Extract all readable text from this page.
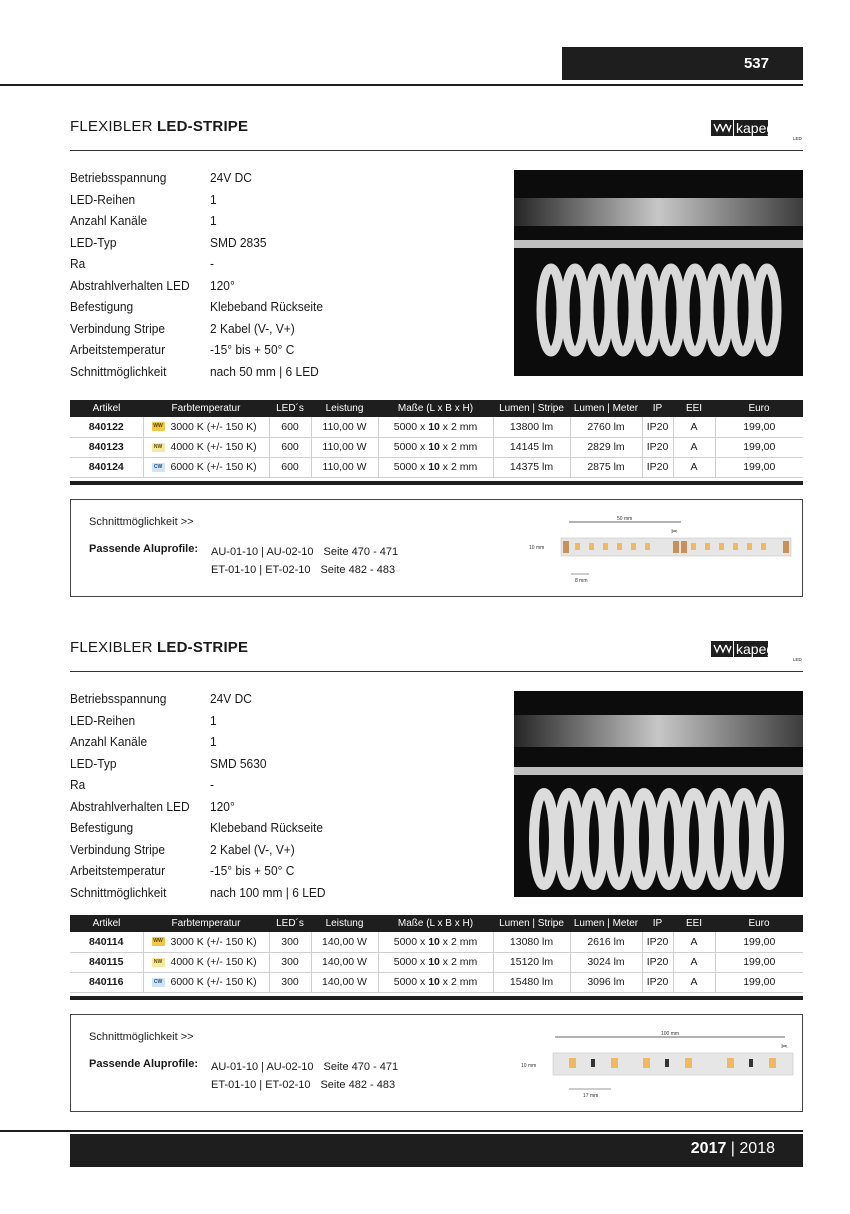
537
FLEXIBLER LED-STRIPE	kapego
LED
Betriebsspannung	24V DC
LED-Reihen	1
Anzahl Kanäle	1
LED-Typ	SMD 2835
Ra	-
Abstrahlverhalten LED 120°
Befestigung	Klebeband Rückseite
Verbindung Stripe	2 Kabel (V-, V+)
Arbeitstemperatur	-15° bis + 50° C
Schnittmöglichkeit	nach 50 mm | 6 LED
Artikel	Farbtemperatur	LED´s	Leistung	Maße (L x B x H)	Lumen | Stripe	Lumen | Meter	IP	EEI	Euro
840122	WW 3000 K (+/- 150 K)	600	110,00 W	5000 x 10 x 2 mm	13800 lm	2760 lm	IP20	A	199,00
840123	NW 4000 K (+/- 150 K)	600	110,00 W	5000 x 10 x 2 mm	14145 lm	2829 lm	IP20	A	199,00
840124	CW 6000 K (+/- 150 K)	600	110,00 W	5000 x 10 x 2 mm	14375 lm	2875 lm	IP20	A	199,00
Schnittmöglichkeit >>
Passende Aluprofile: AU-01-10 | AU-02-10 Seite 470 - 471
ET-01-10 | ET-02-10 Seite 482 - 483
50 mm
✂
10 mm
8 mm
FLEXIBLER LED-STRIPE	kapego
LED
Betriebsspannung	24V DC
LED-Reihen	1
Anzahl Kanäle	1
LED-Typ	SMD 5630
Ra	-
Abstrahlverhalten LED 120°
Befestigung	Klebeband Rückseite
Verbindung Stripe	2 Kabel (V-, V+)
Arbeitstemperatur	-15° bis + 50° C
Schnittmöglichkeit	nach 100 mm | 6 LED
Artikel	Farbtemperatur	LED´s	Leistung	Maße (L x B x H)	Lumen | Stripe	Lumen | Meter	IP	EEI	Euro
840114	WW 3000 K (+/- 150 K)	300	140,00 W	5000 x 10 x 2 mm	13080 lm	2616 lm	IP20	A	199,00
840115	NW 4000 K (+/- 150 K)	300	140,00 W	5000 x 10 x 2 mm	15120 lm	3024 lm	IP20	A	199,00
840116	CW 6000 K (+/- 150 K)	300	140,00 W	5000 x 10 x 2 mm	15480 lm	3096 lm	IP20	A	199,00
Schnittmöglichkeit >>
Passende Aluprofile: AU-01-10 | AU-02-10 Seite 470 - 471
ET-01-10 | ET-02-10 Seite 482 - 483
100 mm
✂
10 mm
17 mm
2017 | 2018
